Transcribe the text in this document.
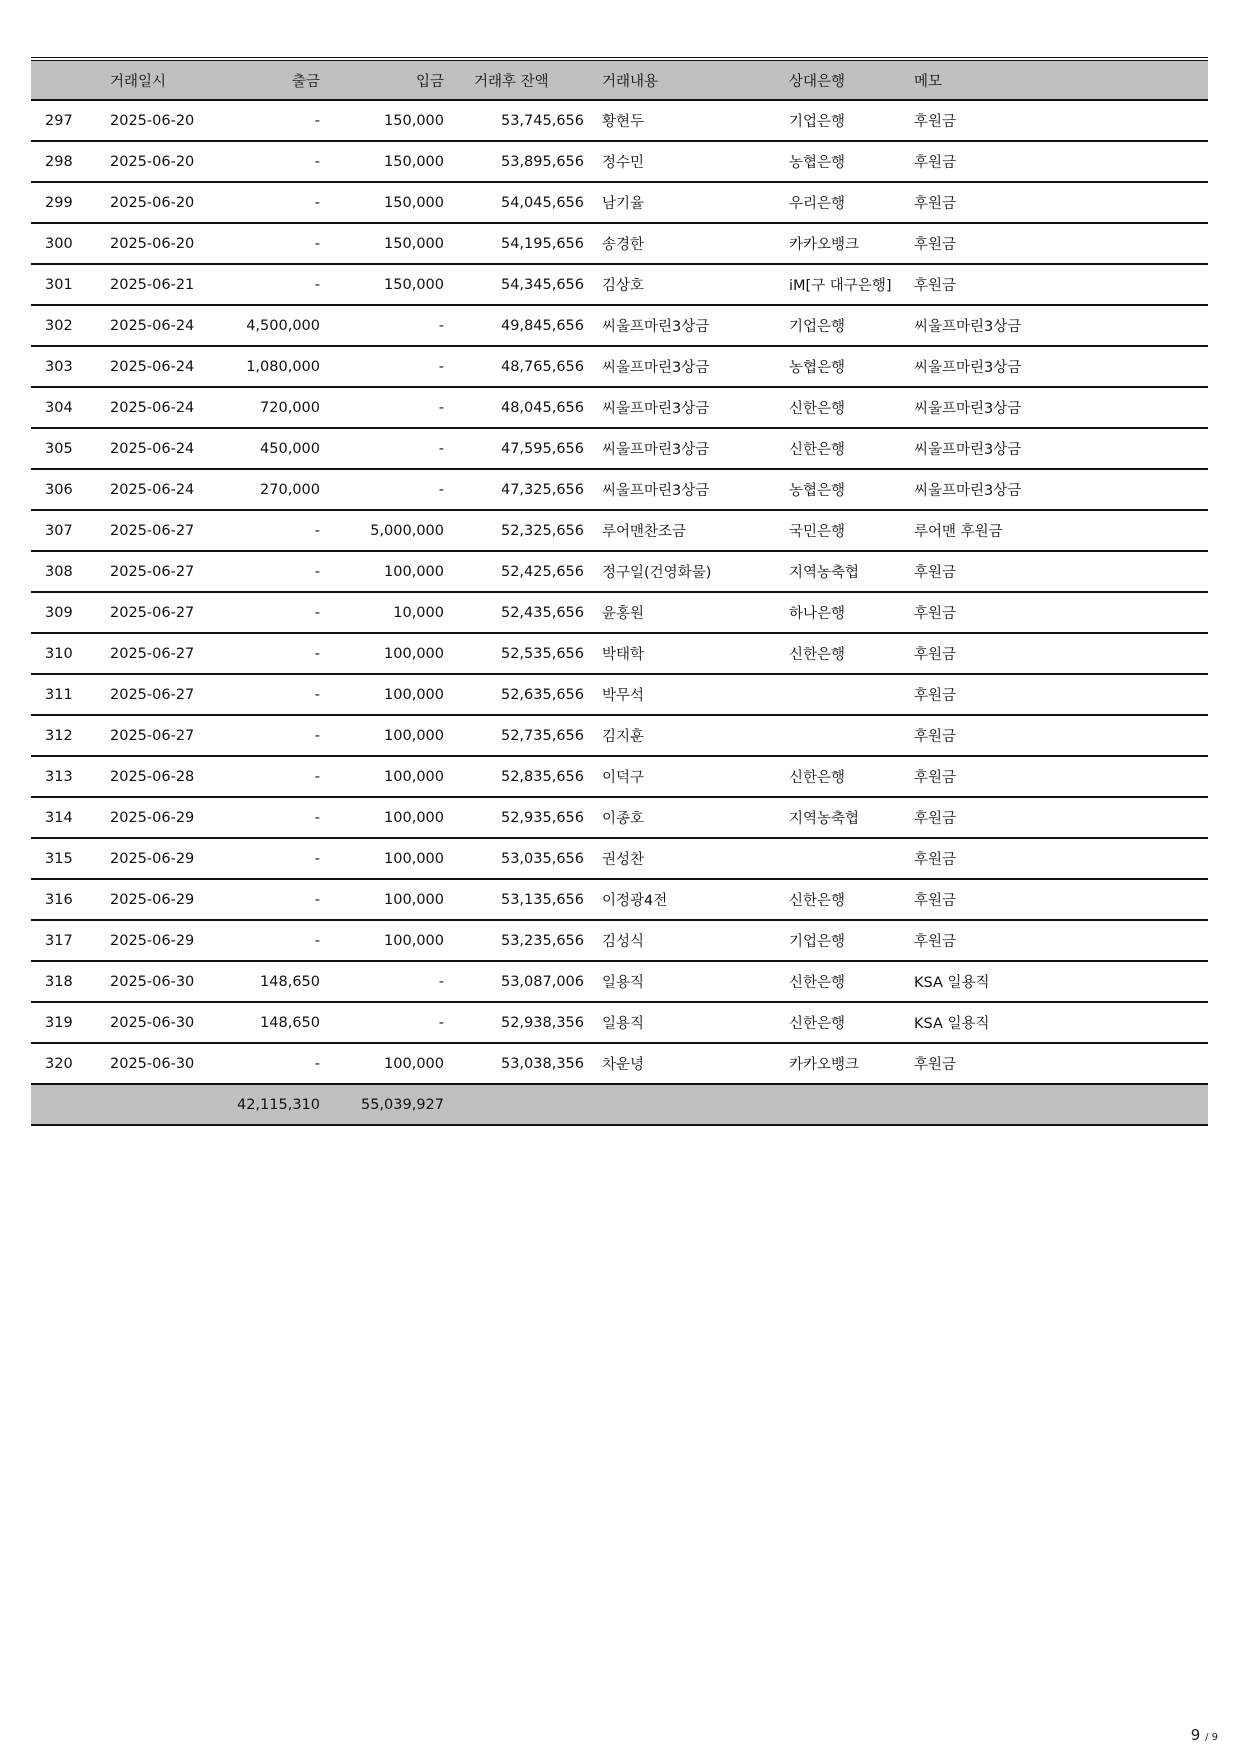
	거래일시	출금	입금	거래후 잔액	거래내용	상대은행	메모
297	2025-06-20	-	150,000	53,745,656	황현두	기업은행	후원금
298	2025-06-20	-	150,000	53,895,656	정수민	농협은행	후원금
299	2025-06-20	-	150,000	54,045,656	남기율	우리은행	후원금
300	2025-06-20	-	150,000	54,195,656	송경한	카카오뱅크	후원금
301	2025-06-21	-	150,000	54,345,656	김상호	iM[구 대구은행]	후원금
302	2025-06-24	4,500,000	-	49,845,656	씨울프마린3상금	기업은행	씨울프마린3상금
303	2025-06-24	1,080,000	-	48,765,656	씨울프마린3상금	농협은행	씨울프마린3상금
304	2025-06-24	720,000	-	48,045,656	씨울프마린3상금	신한은행	씨울프마린3상금
305	2025-06-24	450,000	-	47,595,656	씨울프마린3상금	신한은행	씨울프마린3상금
306	2025-06-24	270,000	-	47,325,656	씨울프마린3상금	농협은행	씨울프마린3상금
307	2025-06-27	-	5,000,000	52,325,656	루어맨찬조금	국민은행	루어맨 후원금
308	2025-06-27	-	100,000	52,425,656	정구일(건영화물)	지역농축협	후원금
309	2025-06-27	-	10,000	52,435,656	윤홍원	하나은행	후원금
310	2025-06-27	-	100,000	52,535,656	박태학	신한은행	후원금
311	2025-06-27	-	100,000	52,635,656	박무석		후원금
312	2025-06-27	-	100,000	52,735,656	김지훈		후원금
313	2025-06-28	-	100,000	52,835,656	이덕구	신한은행	후원금
314	2025-06-29	-	100,000	52,935,656	이종호	지역농축협	후원금
315	2025-06-29	-	100,000	53,035,656	권성찬		후원금
316	2025-06-29	-	100,000	53,135,656	이정광4전	신한은행	후원금
317	2025-06-29	-	100,000	53,235,656	김성식	기업은행	후원금
318	2025-06-30	148,650	-	53,087,006	일용직	신한은행	KSA 일용직
319	2025-06-30	148,650	-	52,938,356	일용직	신한은행	KSA 일용직
320	2025-06-30	-	100,000	53,038,356	차운녕	카카오뱅크	후원금
		42,115,310	55,039,927				
9 / 9
